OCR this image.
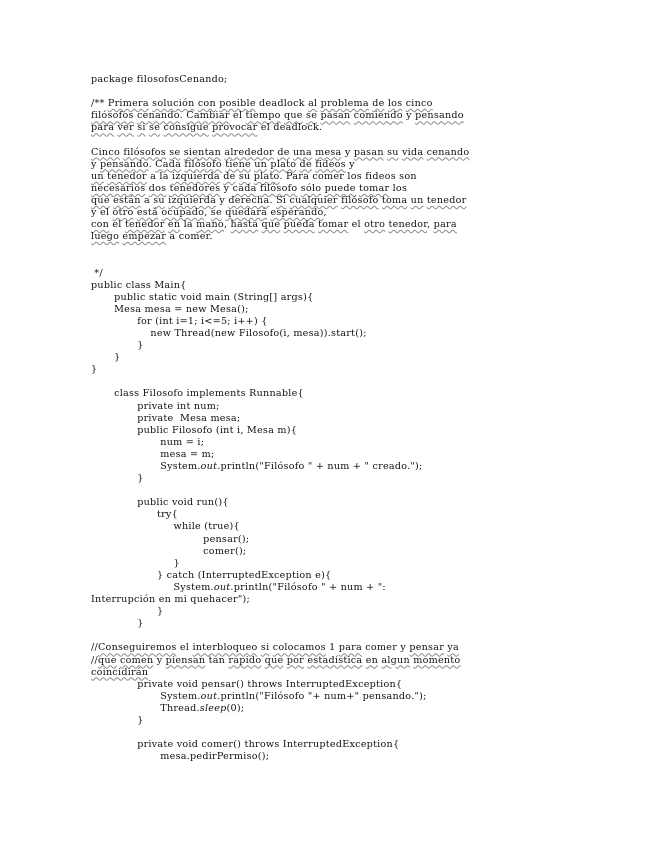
package filosofosCenando;
/** Primera solución con posible deadlock al problema de los cinco
filósofos cenando. Cambiar el tiempo que se pasan comiendo y pensando
para ver si se consigue provocar el deadlock.
Cinco filósofos se sientan alrededor de una mesa y pasan su vida cenando
y pensando. Cada filósofo tiene un plato de fideos y
un tenedor a la izquierda de su plato. Para comer los fideos son
necesarios dos tenedores y cada filósofo sólo puede tomar los
que están a su izquierda y derecha. Si cualquier filósofo toma un tenedor
y el otro está ocupado, se quedará esperando,
con el tenedor en la mano, hasta que pueda tomar el otro tenedor, para
luego empezar a comer.
*/
public class Main{
public static void main (String[] args){
Mesa mesa = new Mesa();
for (int i=1; i<=5; i++) {
new Thread(new Filosofo(i, mesa)).start();
}
}
}
class Filosofo implements Runnable{
private int num;
private  Mesa mesa;
public Filosofo (int i, Mesa m){
num = i;
mesa = m;
System.out.println("Filósofo " + num + " creado.");
}
public void run(){
try{
while (true){
pensar();
comer();
}
} catch (InterruptedException e){
System.out.println("Filósofo " + num + ":
Interrupción en mi quehacer");
}
}
//Conseguiremos el interbloqueo si colocamos 1 para comer y pensar ya
//que comen y piensan tan rapido que por estadística en algun momento
coincidirán
private void pensar() throws InterruptedException{
System.out.println("Filósofo "+ num+" pensando.");
Thread.sleep(0);
}
private void comer() throws InterruptedException{
mesa.pedirPermiso();
